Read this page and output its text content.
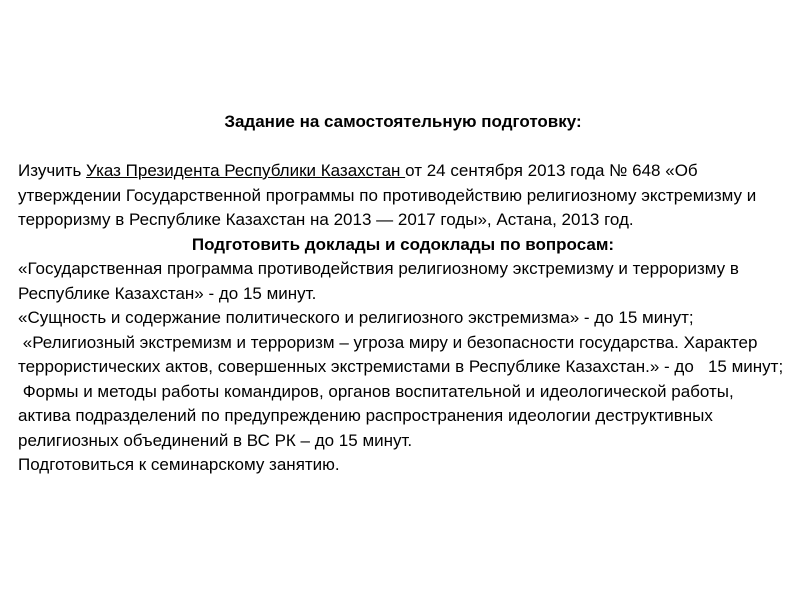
Задание на самостоятельную подготовку:

Изучить Указ Президента Республики Казахстан от 24 сентября 2013 года № 648 «Об утверждении Государственной программы по противодействию религиозному экстремизму и терроризму в Республике Казахстан на 2013 — 2017 годы», Астана, 2013 год.

Подготовить доклады и содоклады по вопросам:

«Государственная программа противодействия религиозному экстремизму и терроризму в Республике Казахстан» - до 15 минут.

«Сущность и содержание политического и религиозного экстремизма» - до 15 минут;

«Религиозный экстремизм и терроризм – угроза миру и безопасности государства. Характер террористических актов, совершенных экстремистами в Республике Казахстан.» - до   15 минут;

Формы и методы работы командиров, органов воспитательной и идеологической работы, актива подразделений по предупреждению распространения идеологии деструктивных религиозных объединений в ВС РК – до 15 минут.

Подготовиться к семинарскому занятию.
